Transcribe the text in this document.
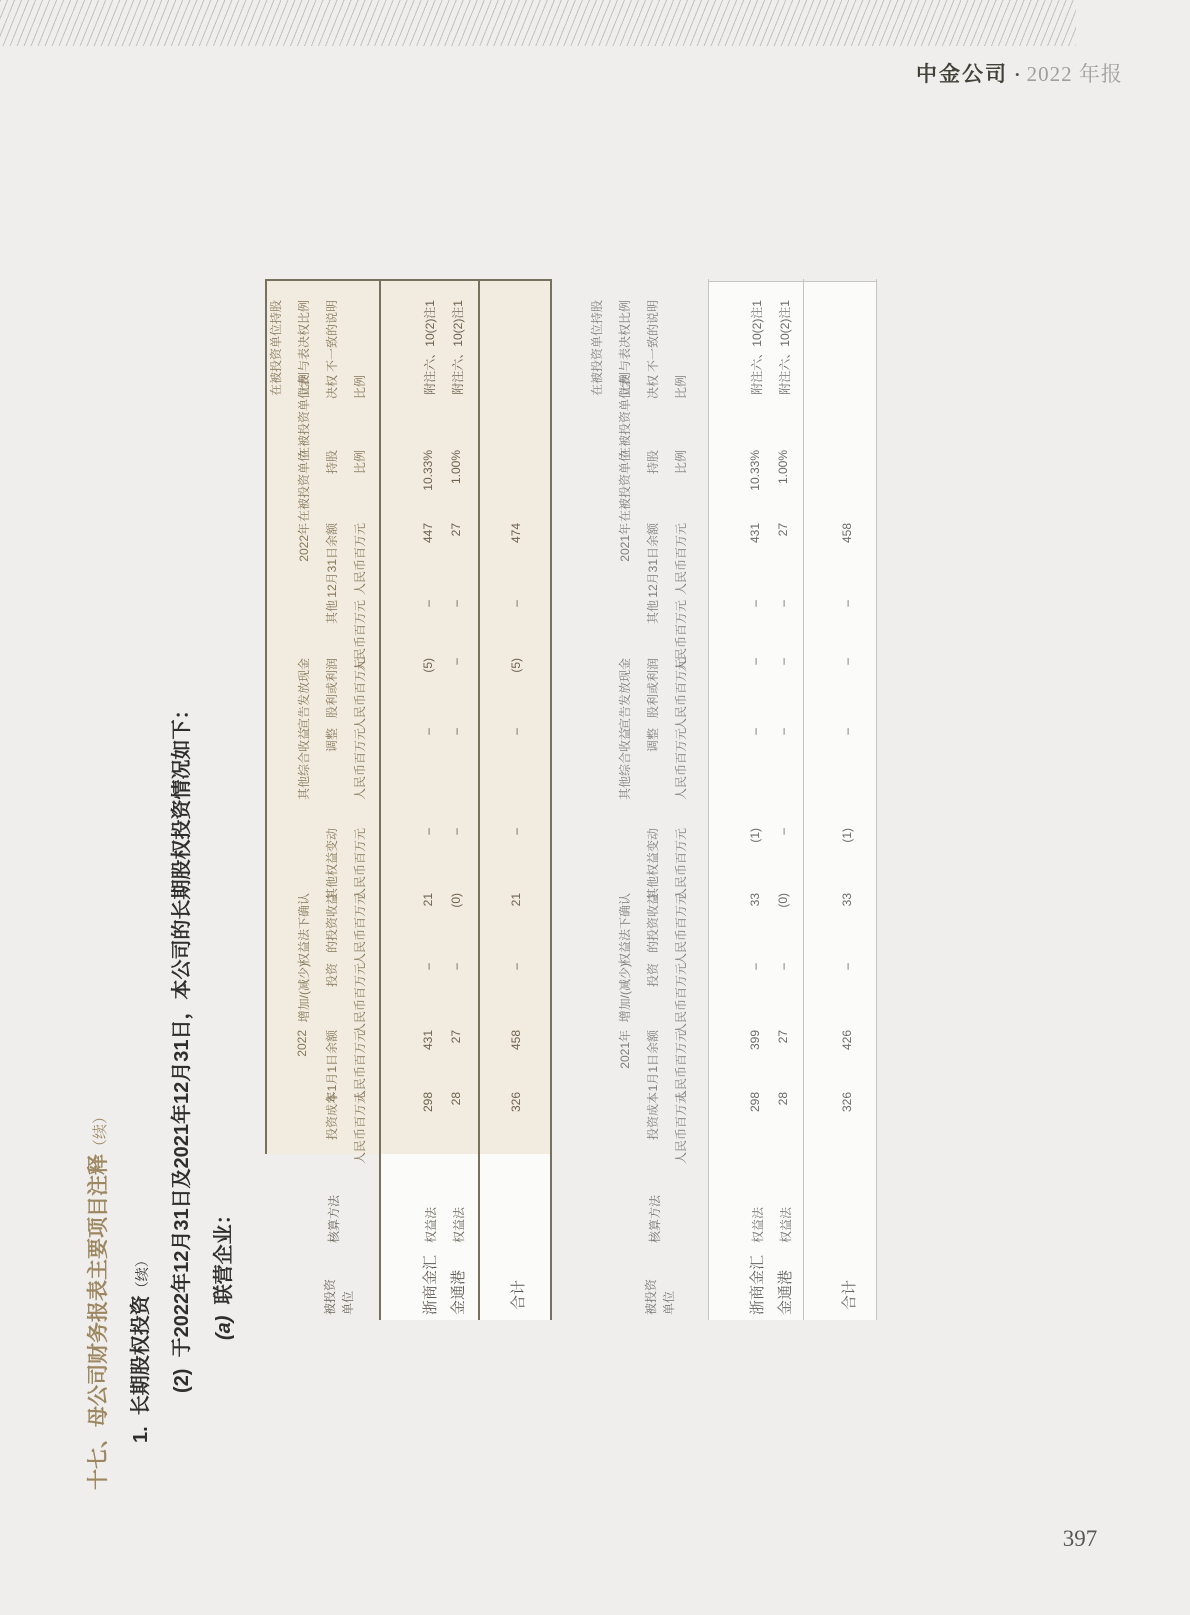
中金公司 • 2022 年报
十七、母公司财务报表主要项目注释（续）
1.  长期股权投资（续）
(2)  于2022年12月31日及2021年12月31日，本公司的长期股权投资情况如下：	(a)  联营企业：	被投资 单位
核算方法
投资成本 人民币百万元
2022 年1月1日余额 人民币百万元
增加/(减少) 投资 人民币百万元
权益法下确认 的投资收益 人民币百万元
其他权益变动 人民币百万元
其他综合收益 调整 人民币百万元
宣告发放现金 股利或利润 人民币百万元
其他 人民币百万元
2022年 12月31日余额 人民币百万元
在被投资单位 持股 比例
在被投资单位表 决权 比例
在被投资单位持股 比例与表决权比例 不一致的说明
浙商金汇
权益法
298
431
–
21
–
–
(5)
–
447
10.33%
附注六、10(2)注1
金通港
权益法
28
27
–
(0)
–
–
–
–
27
1.00%
附注六、10(2)注1
合计
326
458
–
21
–
–
(5)
–
474
被投资 单位
核算方法
投资成本 人民币百万元
2021年 1月1日余额 人民币百万元
增加/(减少) 投资 人民币百万元
权益法下确认 的投资收益 人民币百万元
其他权益变动 人民币百万元
其他综合收益 调整 人民币百万元
宣告发放现金 股利或利润 人民币百万元
其他 人民币百万元
2021年 12月31日余额 人民币百万元
在被投资单位 持股 比例
在被投资单位表 决权 比例
在被投资单位持股 比例与表决权比例 不一致的说明
浙商金汇
权益法
298
399
–
33
(1)
–
–
–
431
10.33%
附注六、10(2)注1
金通港
权益法
28
27
–
(0)
–
–
–
–
27
1.00%
附注六、10(2)注1
合计
326
426
–
33
(1)
–
–
–
458
397
